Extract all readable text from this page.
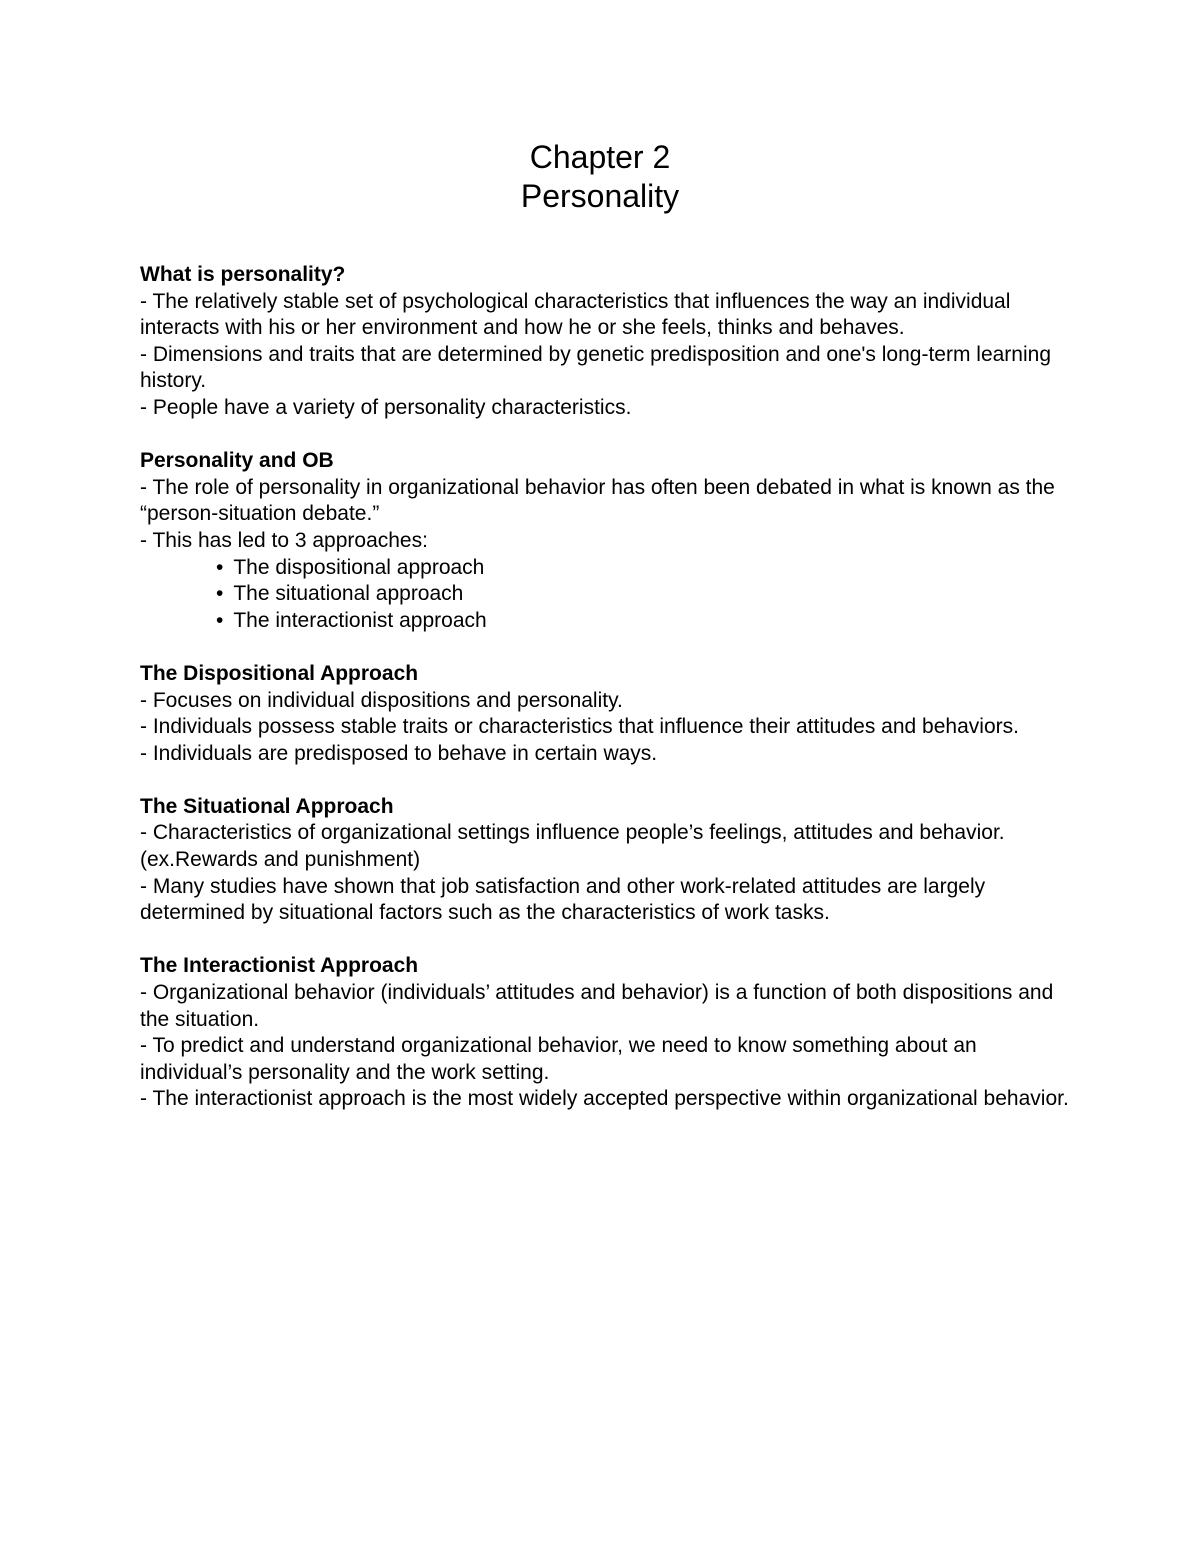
Chapter 2
Personality
What is personality?
- The relatively stable set of psychological characteristics that influences the way an individual interacts with his or her environment and how he or she feels, thinks and behaves.
- Dimensions and traits that are determined by genetic predisposition and one's long-term learning history.
- People have a variety of personality characteristics.
Personality and OB
- The role of personality in organizational behavior has often been debated in what is known as the “person-situation debate.”
- This has led to 3 approaches:
• The dispositional approach
• The situational approach
• The interactionist approach
The Dispositional Approach
- Focuses on individual dispositions and personality.
- Individuals possess stable traits or characteristics that influence their attitudes and behaviors.
- Individuals are predisposed to behave in certain ways.
The Situational Approach
- Characteristics of organizational settings influence people’s feelings, attitudes and behavior. (ex.Rewards and punishment)
- Many studies have shown that job satisfaction and other work-related attitudes are largely determined by situational factors such as the characteristics of work tasks.
The Interactionist Approach
- Organizational behavior (individuals’ attitudes and behavior) is a function of both dispositions and the situation.
- To predict and understand organizational behavior, we need to know something about an individual’s personality and the work setting.
- The interactionist approach is the most widely accepted perspective within organizational behavior.
